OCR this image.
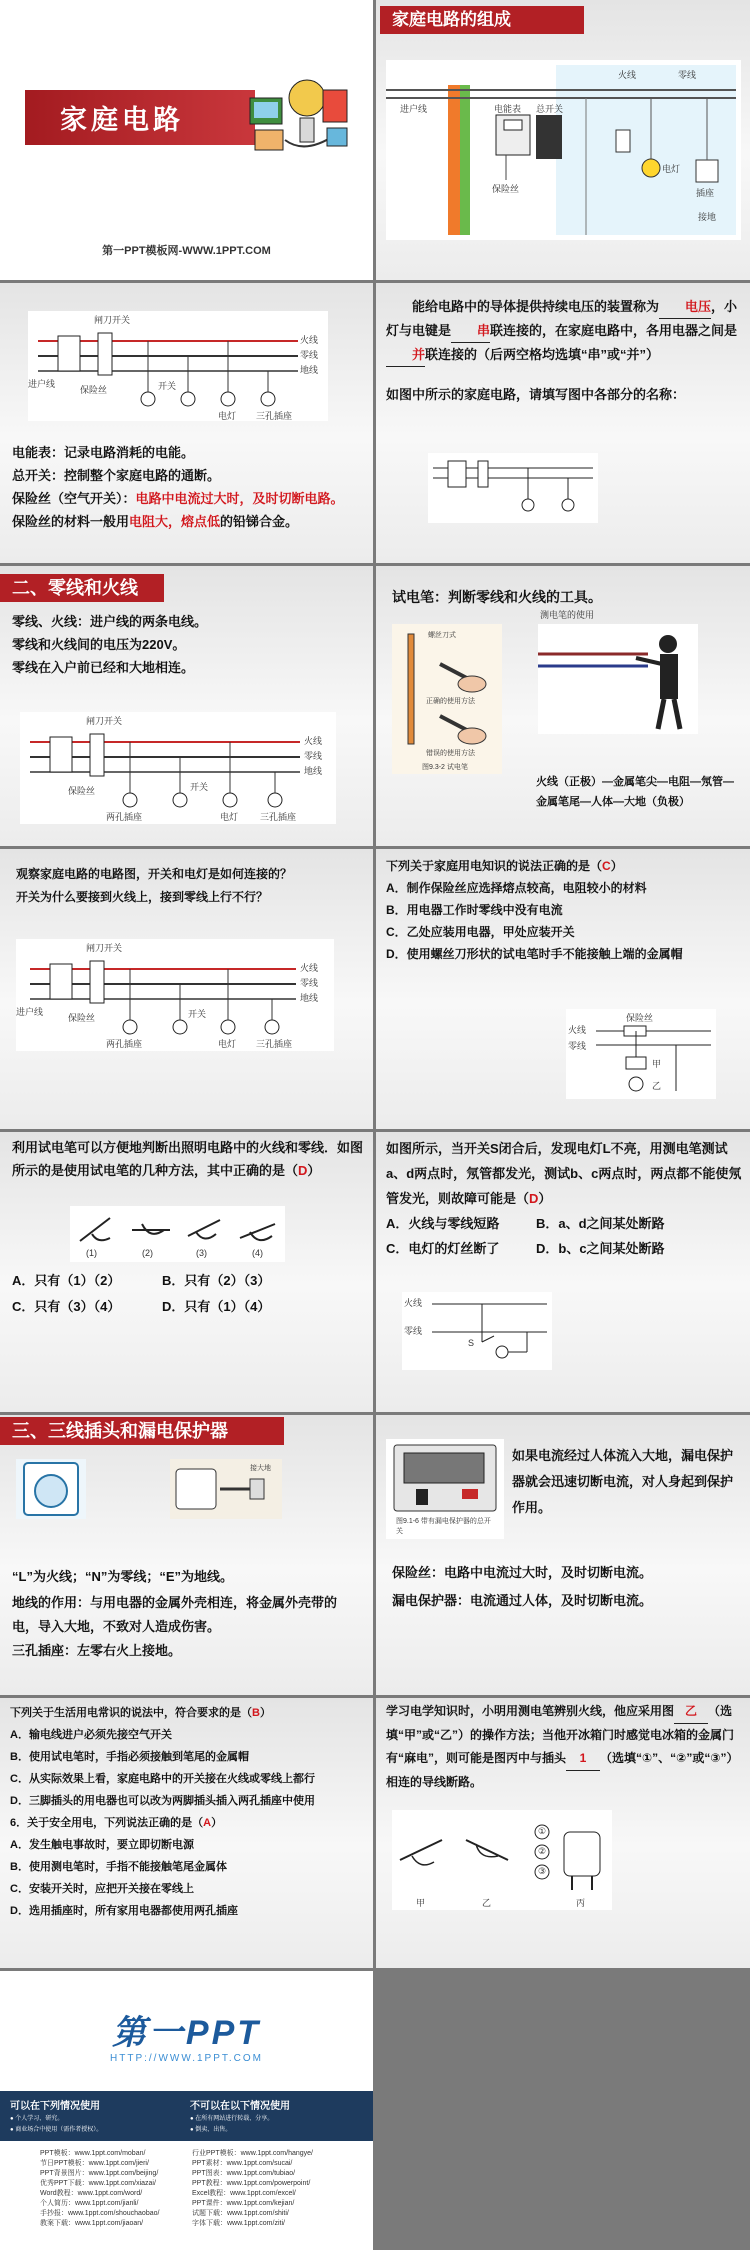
家庭电路
第一PPT模板网-WWW.1PPT.COM
家庭电路的组成
火线	零线
电能表 总开关
保险丝
进户线
电灯
插座
接地
闸刀开关
火线
零线
地线
保险丝	开关
电灯 三孔插座
进户线

电能表：记录电路消耗的电能。

总开关：控制整个家庭电路的通断。

保险丝（空气开关）：电路中电流过大时，及时切断电路。

保险丝的材料一般用电阻大，熔点低的铅锑合金。

能给电路中的导体提供持续电压的装置称为 电压，小灯与电键是 串联连接的，在家庭电路中，各用电器之间是并联连接的（后两空格均选填“串”或“并”）

如图中所示的家庭电路，请填写图中各部分的名称：

二、零线和火线

零线、火线：进户线的两条电线。

零线和火线间的电压为220V。

零线在入户前已经和大地相连。

闸刀开关
火线
零线
地线
保险丝	开关
两孔插座	电灯 三孔插座
试电笔：判断零线和火线的工具。
螺丝刀式
正确的使用方法
错误的使用方法
图9.3-2 试电笔
测电笔的使用
火线（正极）—金属笔尖—电阻—氖管—金属笔尾—人体—大地（负极）

观察家庭电路的电路图，开关和电灯是如何连接的？

开关为什么要接到火线上，接到零线上行不行？

闸刀开关
火线
零线
地线
保险丝	开关
两孔插座	电灯 三孔插座
进户线

下列关于家庭用电知识的说法正确的是（C）

A．制作保险丝应选择熔点较高，电阻较小的材料

B．用电器工作时零线中没有电流

C．乙处应装用电器，甲处应装开关

D．使用螺丝刀形状的试电笔时手不能接触上端的金属帽

火线
零线
保险丝
甲
乙

利用试电笔可以方便地判断出照明电路中的火线和零线．如图所示的是使用试电笔的几种方法，其中正确的是（D）

(1)	(2)	(3)	(4)

A．只有（1）（2）	B．只有（2）（3）

C．只有（3）（4）	D．只有（1）（4）

如图所示，当开关S闭合后，发现电灯L不亮，用测电笔测试a、d两点时，氖管都发光，测试b、c两点时，两点都不能使氖管发光，则故障可能是（D）

A．火线与零线短路	B．a、d之间某处断路

C．电灯的灯丝断了	D．b、c之间某处断路

火线
零线
S
三、三线插头和漏电保护器
接大地

“L”为火线；“N”为零线；“E”为地线。

地线的作用：与用电器的金属外壳相连，将金属外壳带的电，导入大地，不致对人造成伤害。

三孔插座：左零右火上接地。

图9.1-6 带有漏电保护器的总开关
如果电流经过人体流入大地，漏电保护器就会迅速切断电流，对人身起到保护作用。

保险丝：电路中电流过大时，及时切断电流。

漏电保护器：电流通过人体，及时切断电流。

下列关于生活用电常识的说法中，符合要求的是（B）

A．输电线进户必须先接空气开关

B．使用试电笔时，手指必须接触到笔尾的金属帽

C．从实际效果上看，家庭电路中的开关接在火线或零线上都行

D．三脚插头的用电器也可以改为两脚插头插入两孔插座中使用

6．关于安全用电，下列说法正确的是（A）

A．发生触电事故时，要立即切断电源

B．使用测电笔时，手指不能接触笔尾金属体

C．安装开关时，应把开关接在零线上

D．选用插座时，所有家用电器都使用两孔插座

学习电学知识时，小明用测电笔辨别火线，他应采用图 乙 （选填“甲”或“乙”）的操作方法；当他开冰箱门时感觉电冰箱的金属门有“麻电”，则可能是图丙中与插头 1 （选填“①”、“②”或“③”）相连的导线断路。

甲	乙	丙
①
②
③
第一PPT
HTTP://WWW.1PPT.COM
可以在下列情况使用
● 个人学习、研究。
● 商业场合中使用（需作者授权）。
不可以在以下情况使用
● 在所有网站进行转载、分享。
● 倒卖、出售。
PPT模板：www.1ppt.com/moban/
节日PPT模板：www.1ppt.com/jieri/
PPT背景图片：www.1ppt.com/beijing/
优秀PPT下载：www.1ppt.com/xiazai/
Word教程：www.1ppt.com/word/
个人简历：www.1ppt.com/jianli/
手抄报：www.1ppt.com/shouchaobao/
教案下载：www.1ppt.com/jiaoan/
行业PPT模板：www.1ppt.com/hangye/
PPT素材：www.1ppt.com/sucai/
PPT图表：www.1ppt.com/tubiao/
PPT教程：www.1ppt.com/powerpoint/
Excel教程：www.1ppt.com/excel/
PPT课件：www.1ppt.com/kejian/
试题下载：www.1ppt.com/shiti/
字体下载：www.1ppt.com/ziti/
